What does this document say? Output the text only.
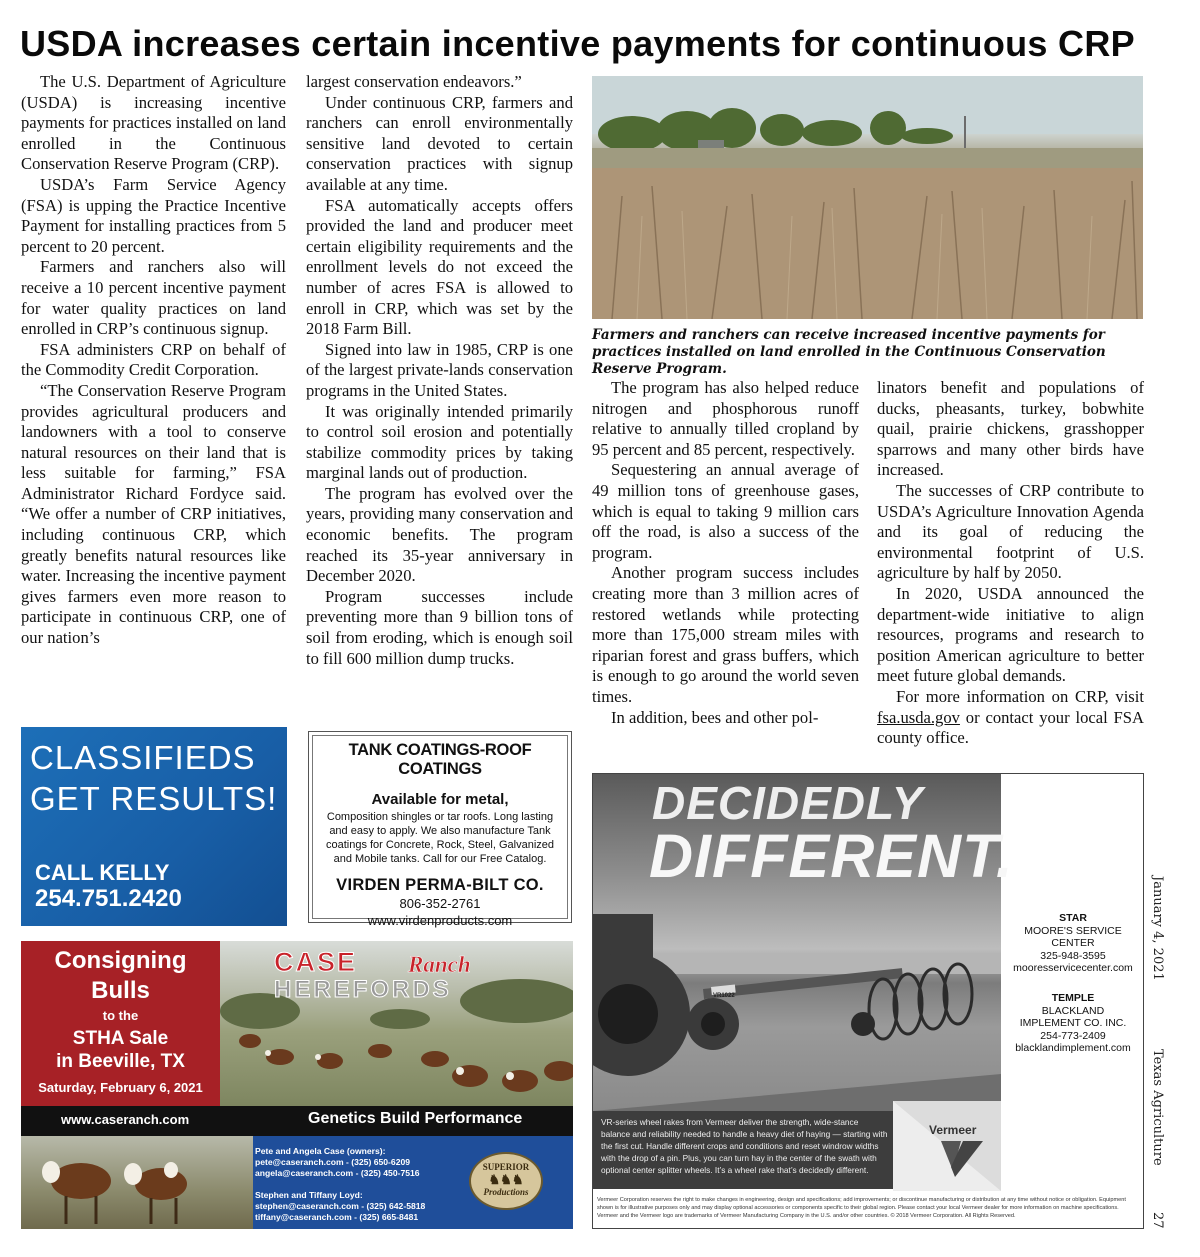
USDA increases certain incentive payments for continuous CRP

The U.S. Department of Agriculture (USDA) is increasing incentive payments for practices installed on land enrolled in the Continuous Conservation Reserve Program (CRP).

USDA’s Farm Service Agency (FSA) is upping the Practice Incentive Payment for installing practices from 5 percent to 20 percent.

Farmers and ranchers also will receive a 10 percent incentive payment for water quality practices on land enrolled in CRP’s continuous signup.

FSA administers CRP on behalf of the Commodity Credit Corporation.

“The Conservation Reserve Program provides agricultural producers and landowners with a tool to conserve natural resources on their land that is less suitable for farming,” FSA Administrator Richard Fordyce said. “We offer a number of CRP initiatives, including continuous CRP, which greatly benefits natural resources like water. Increasing the incentive payment gives farmers even more reason to participate in continuous CRP, one of our nation’s

largest conservation endeavors.”

Under continuous CRP, farmers and ranchers can enroll environmentally sensitive land devoted to certain conservation practices with signup available at any time.

FSA automatically accepts offers provided the land and producer meet certain eligibility requirements and the enrollment levels do not exceed the number of acres FSA is allowed to enroll in CRP, which was set by the 2018 Farm Bill.

Signed into law in 1985, CRP is one of the largest private-lands conservation programs in the United States.

It was originally intended primarily to control soil erosion and potentially stabilize commodity prices by taking marginal lands out of production.

The program has evolved over the years, providing many conservation and economic benefits. The program reached its 35-year anniversary in December 2020.

Program successes include preventing more than 9 billion tons of soil from eroding, which is enough soil to fill 600 million dump trucks.

Farmers and ranchers can receive increased incentive payments for practices installed on land enrolled in the Continuous Conservation Reserve Program.

The program has also helped reduce nitrogen and phosphorous runoff relative to annually tilled cropland by 95 percent and 85 percent, respectively.

Sequestering an annual average of 49 million tons of greenhouse gases, which is equal to taking 9 million cars off the road, is also a success of the program.

Another program success includes creating more than 3 million acres of restored wetlands while protecting more than 175,000 stream miles with riparian forest and grass buffers, which is enough to go around the world seven times.

In addition, bees and other pol-

linators benefit and populations of ducks, pheasants, turkey, bobwhite quail, prairie chickens, grasshopper sparrows and many other birds have increased.

The successes of CRP contribute to USDA’s Agriculture Innovation Agenda and its goal of reducing the environmental footprint of U.S. agriculture by half by 2050.

In 2020, USDA announced the department-wide initiative to align resources, programs and research to position American agriculture to better meet future global demands.

For more information on CRP, visit fsa.usda.gov or contact your local FSA county office.

CLASSIFIEDS
GET RESULTS!
CALL KELLY
254.751.2420
TANK COATINGS-ROOF COATINGS
Available for metal,
Composition shingles or tar roofs. Long lasting and easy to apply. We also manufacture Tank coatings for Concrete, Rock, Steel, Galvanized and Mobile tanks. Call for our Free Catalog.
VIRDEN PERMA-BILT CO.
806-352-2761
www.virdenproducts.com
Consigning
Bulls
to the
STHA Sale
in Beeville, TX
Saturday, February 6, 2021
CASE Ranch
HEREFORDS
www.caseranch.com	Genetics Build Performance
Pete and Angela Case (owners):
pete@caseranch.com - (325) 650-6209
angela@caseranch.com - (325) 450-7516
Stephen and Tiffany Loyd:
stephen@caseranch.com - (325) 642-5818
tiffany@caseranch.com - (325) 665-8481
SUPERIOR
♞♞♞
Productions
DECIDEDLY
DIFFERENT.
VR1022
VR-series wheel rakes from Vermeer deliver the strength, wide-stance balance and reliability needed to handle a heavy diet of haying — starting with the first cut. Handle different crops and conditions and reset windrow widths with the drop of a pin. Plus, you can turn hay in the center of the swath with optional center splitter wheels. It’s a wheel rake that’s decidedly different.
Vermeer
Vermeer Corporation reserves the right to make changes in engineering, design and specifications; add improvements; or discontinue manufacturing or distribution at any time without notice or obligation. Equipment shown is for illustrative purposes only and may display optional accessories or components specific to their global region. Please contact your local Vermeer dealer for more information on machine specifications. Vermeer and the Vermeer logo are trademarks of Vermeer Manufacturing Company in the U.S. and/or other countries. © 2018 Vermeer Corporation. All Rights Reserved.
STAR
MOORE'S SERVICE
CENTER
325-948-3595
mooresservicecenter.com
TEMPLE
BLACKLAND
IMPLEMENT CO. INC.
254-773-2409
blacklandimplement.com
January 4, 2021
Texas Agriculture
27
